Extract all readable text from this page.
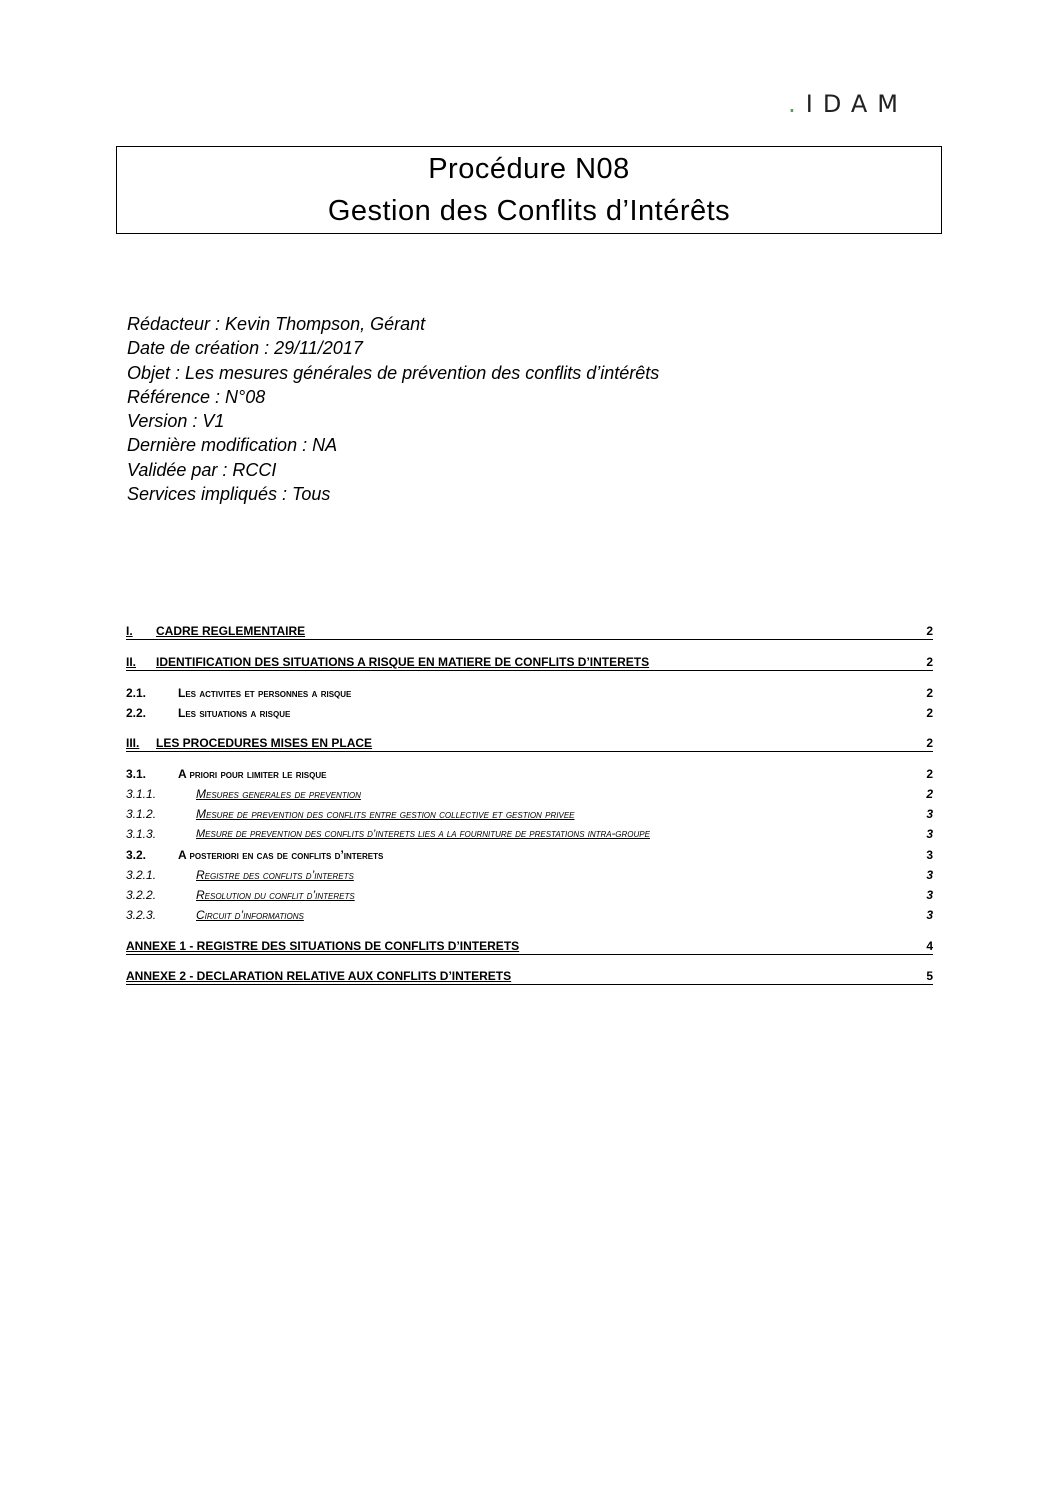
.IDAM
Procédure N08
Gestion des Conflits d’Intérêts
Rédacteur : Kevin Thompson, Gérant
Date de création : 29/11/2017
Objet : Les mesures générales de prévention des conflits d’intérêts
Référence : N°08
Version : V1
Dernière modification : NA
Validée par : RCCI
Services impliqués : Tous
I. CADRE REGLEMENTAIRE	2
II. IDENTIFICATION DES SITUATIONS A RISQUE EN MATIERE DE CONFLITS D’INTERETS	2
2.1.	Les activites et personnes a risque	2
2.2.	Les situations a risque	2
III. LES PROCEDURES MISES EN PLACE	2
3.1.	A priori pour limiter le risque	2
3.1.1.	Mesures generales de prevention	2
3.1.2.	Mesure de prevention des conflits entre gestion collective et gestion privee	3
3.1.3.	Mesure de prevention des conflits d’interets lies a la fourniture de prestations intra-groupe	3
3.2.	A posteriori en cas de conflits d’interets	3
3.2.1.	Registre des conflits d’interets	3
3.2.2.	Resolution du conflit d’interets	3
3.2.3.	Circuit d’informations	3
ANNEXE 1 - REGISTRE DES SITUATIONS DE CONFLITS D’INTERETS	4
ANNEXE 2 - DECLARATION RELATIVE AUX CONFLITS D’INTERETS	5
